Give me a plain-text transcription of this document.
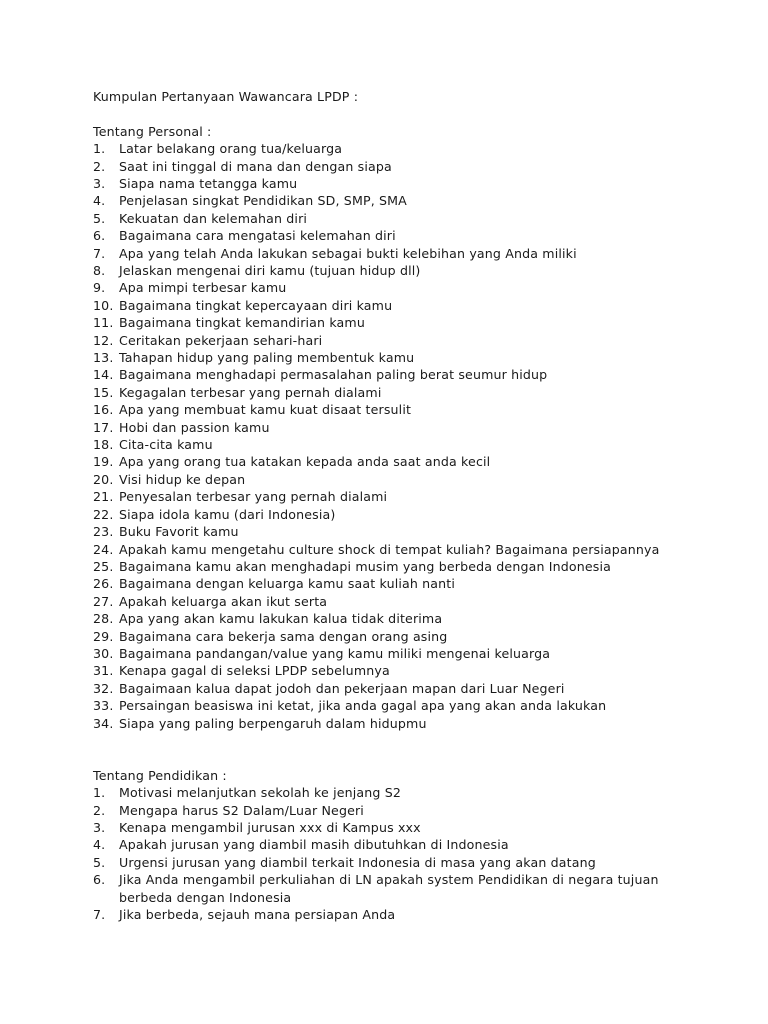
Kumpulan Pertanyaan Wawancara LPDP :
Tentang Personal :
1.	Latar belakang orang tua/keluarga
2.	Saat ini tinggal di mana dan dengan siapa
3.	Siapa nama tetangga kamu
4.	Penjelasan singkat Pendidikan SD, SMP, SMA
5.	Kekuatan dan kelemahan diri
6.	Bagaimana cara mengatasi kelemahan diri
7.	Apa yang telah Anda lakukan sebagai bukti kelebihan yang Anda miliki
8.	Jelaskan mengenai diri kamu (tujuan hidup dll)
9.	Apa mimpi terbesar kamu
10. Bagaimana tingkat kepercayaan diri kamu
11. Bagaimana tingkat kemandirian kamu
12. Ceritakan pekerjaan sehari-hari
13. Tahapan hidup yang paling membentuk kamu
14. Bagaimana menghadapi permasalahan paling berat seumur hidup
15. Kegagalan terbesar yang pernah dialami
16. Apa yang membuat kamu kuat disaat tersulit
17. Hobi dan passion kamu
18. Cita-cita kamu
19. Apa yang orang tua katakan kepada anda saat anda kecil
20. Visi hidup ke depan
21. Penyesalan terbesar yang pernah dialami
22. Siapa idola kamu (dari Indonesia)
23. Buku Favorit kamu
24. Apakah kamu mengetahu culture shock di tempat kuliah? Bagaimana persiapannya
25. Bagaimana kamu akan menghadapi musim yang berbeda dengan Indonesia
26. Bagaimana dengan keluarga kamu saat kuliah nanti
27. Apakah keluarga akan ikut serta
28. Apa yang akan kamu lakukan kalua tidak diterima
29. Bagaimana cara bekerja sama dengan orang asing
30. Bagaimana pandangan/value yang kamu miliki mengenai keluarga
31. Kenapa gagal di seleksi LPDP sebelumnya
32. Bagaimaan kalua dapat jodoh dan pekerjaan mapan dari Luar Negeri
33. Persaingan beasiswa ini ketat, jika anda gagal apa yang akan anda lakukan
34. Siapa yang paling berpengaruh dalam hidupmu
Tentang Pendidikan :
1.	Motivasi melanjutkan sekolah ke jenjang S2
2.	Mengapa harus S2 Dalam/Luar Negeri
3.	Kenapa mengambil jurusan xxx di Kampus xxx
4.	Apakah jurusan yang diambil masih dibutuhkan di Indonesia
5.	Urgensi jurusan yang diambil terkait Indonesia di masa yang akan datang
6.	Jika Anda mengambil perkuliahan di LN apakah system Pendidikan di negara tujuan berbeda dengan Indonesia
7.	Jika berbeda, sejauh mana persiapan Anda
